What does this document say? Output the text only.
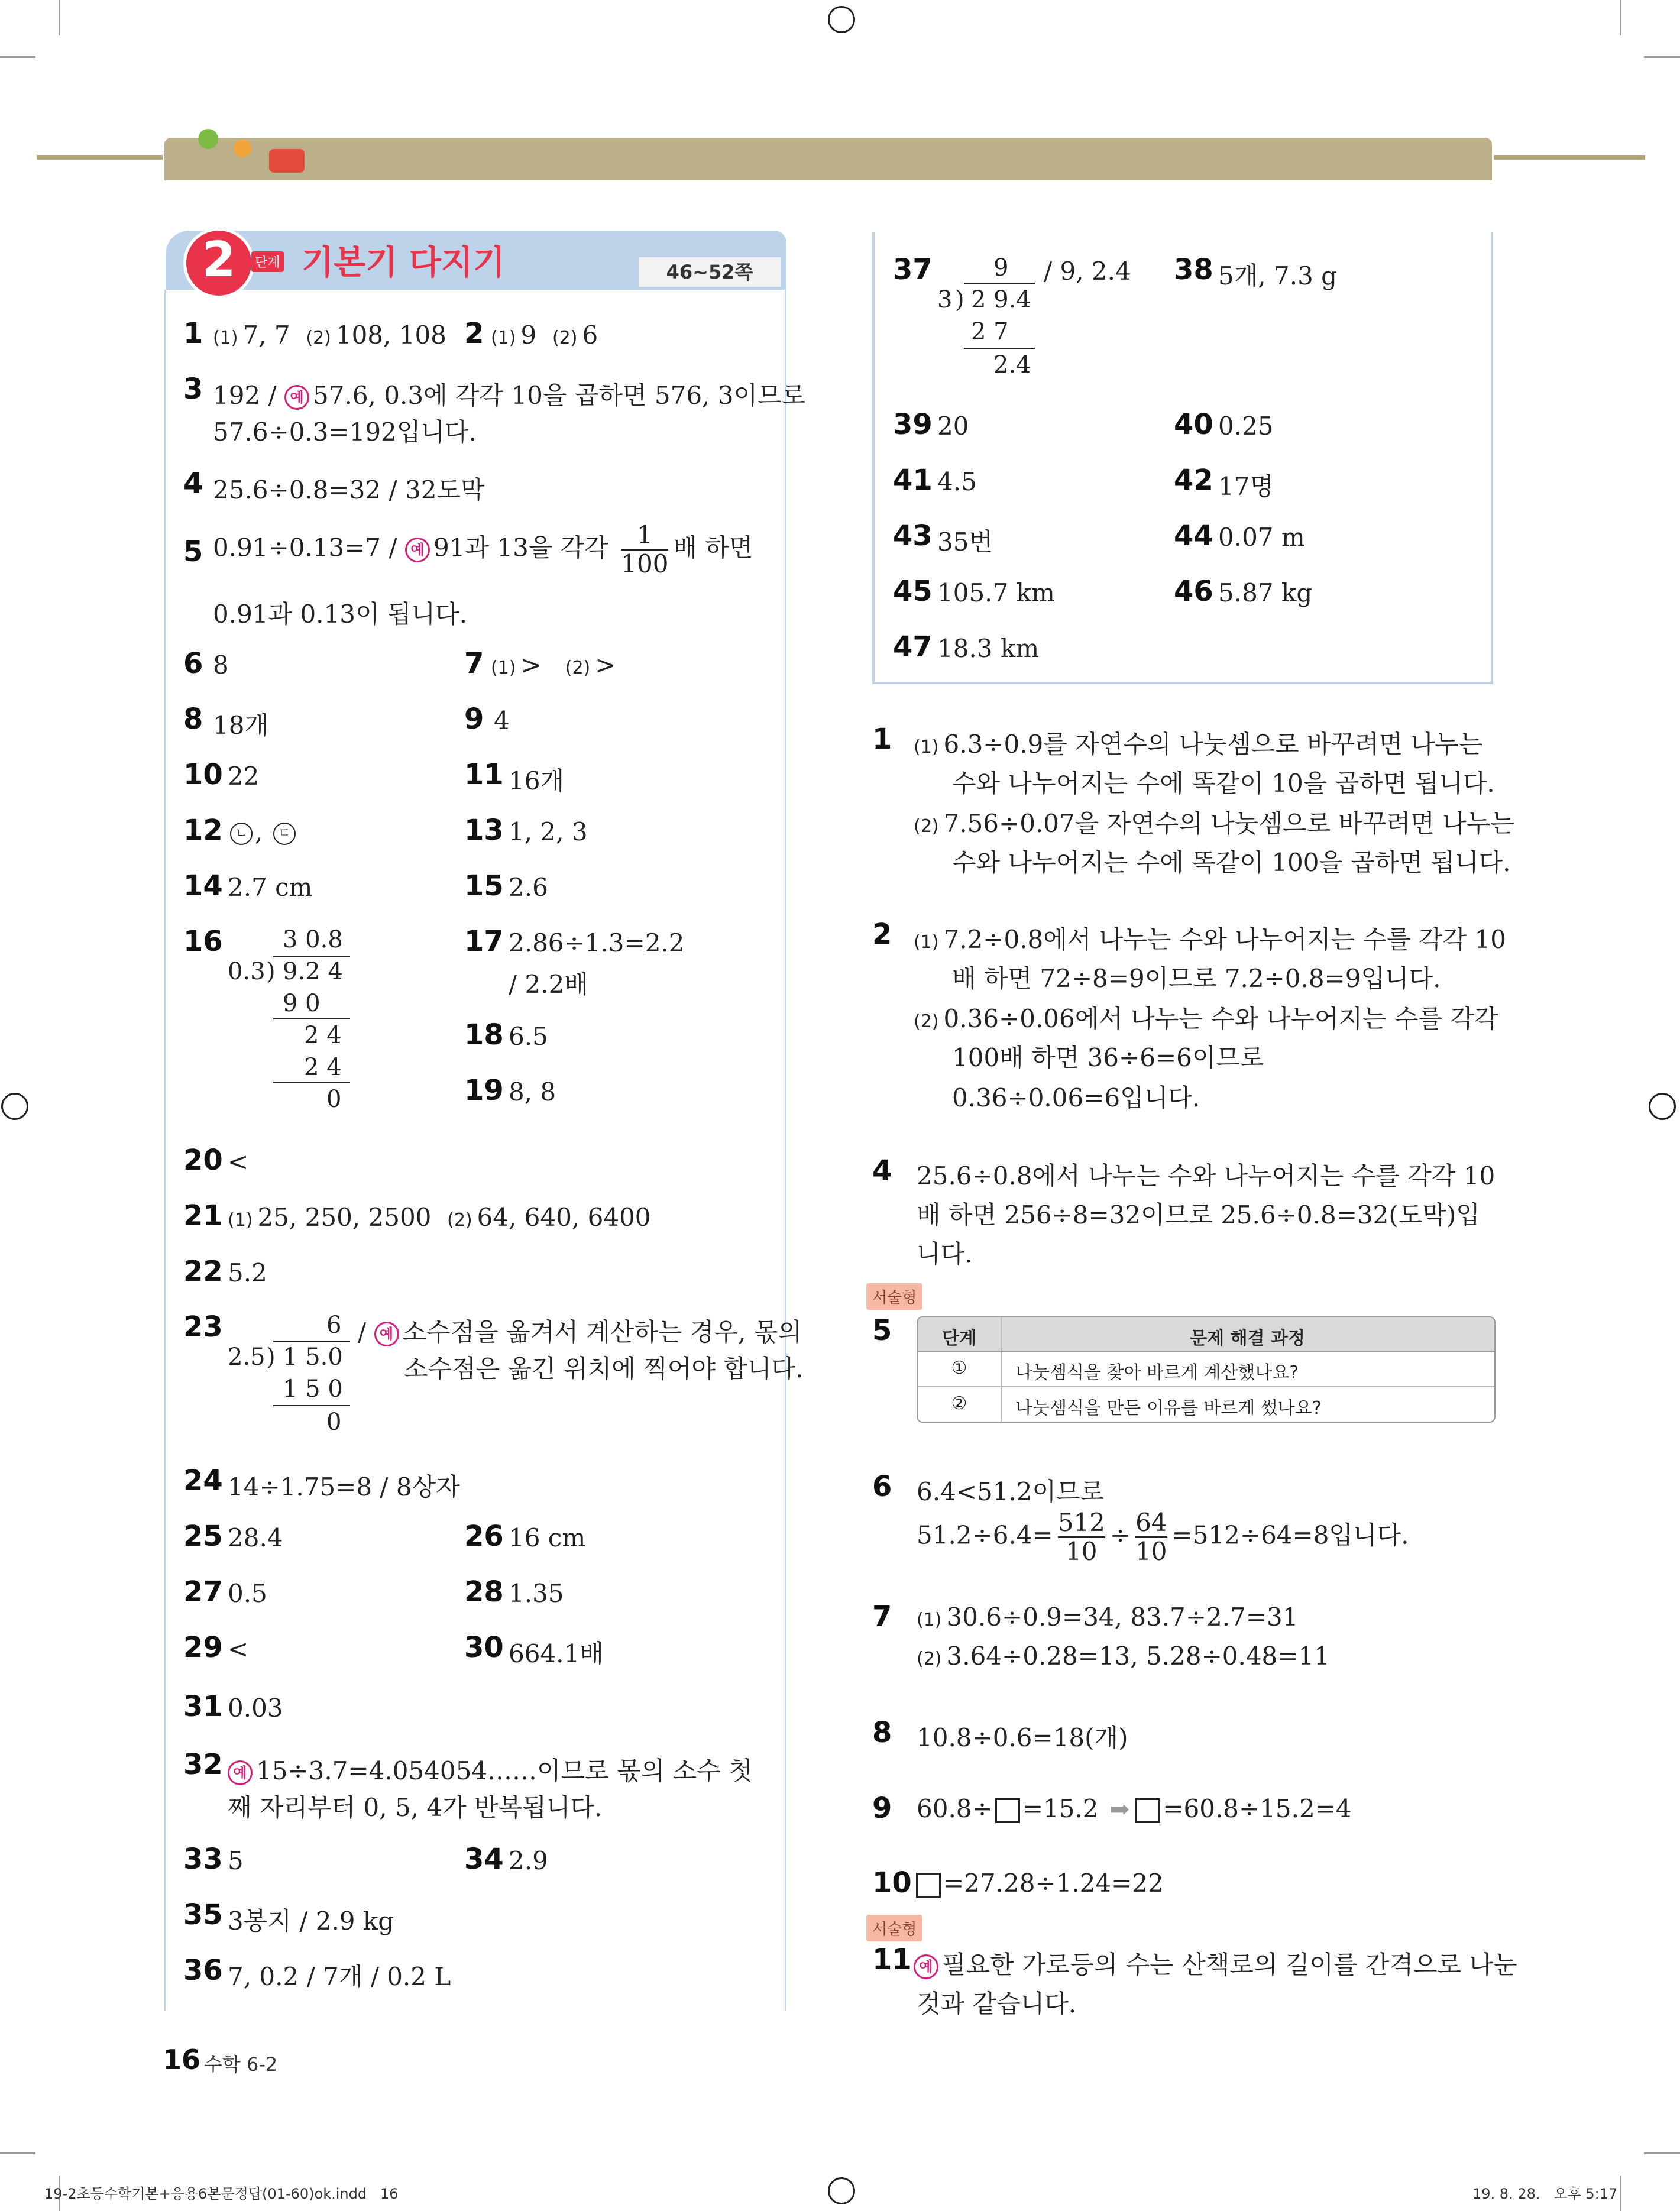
2	단계 기본기 다지기	46~52쪽
1 (1) 7, 7 (2) 108, 108 2 (1) 9 (2) 6
3 192 / 예 57.6, 0.3에 각각 10을 곱하면 576, 3이므로
57.6÷0.3=192입니다.
4 25.6÷0.8=32 / 32도막
5 0.91÷0.13=7 / 예 91과 13을 각각 $\frac{1}{100}$ 배 하면
0.91과 0.13이 됩니다.
6 8	7 (1) > (2) >
8 18개	9 4
10 22	11 16개
12 ㄴ , ㄷ	13 1, 2, 3
14 2.7 cm	15 2.6
16	3 0.8
0.3 ) 9.2 4
9 0
2 4
2 4
0
17 2.86÷1.3=2.2
/ 2.2배
18 6.5
19 8, 8
20 <
21 (1) 25, 250, 2500 (2) 64, 640, 6400
22 5.2
23	6
2.5 ) 1 5.0
1 5 0
0
/ 예 소수점을 옮겨서 계산하는 경우, 몫의
소수점은 옮긴 위치에 찍어야 합니다.
24 14÷1.75=8 / 8상자
25 28.4	26 16 cm
27 0.5	28 1.35
29 <	30 664.1배
31 0.03
32 예 15÷3.7=4.054054……이므로 몫의 소수 첫
째 자리부터 0, 5, 4가 반복됩니다.
33 5	34 2.9
35 3봉지 / 2.9 kg
36 7, 0.2 / 7개 / 0.2 L
37	9
3 ) 2 9.4
2 7
2.4
/ 9, 2.4 38 5개, 7.3 g
39 20	40 0.25
41 4.5	42 17명
43 35번	44 0.07 m
45 105.7 km	46 5.87 kg
47 18.3 km
1 (1) 6.3÷0.9를 자연수의 나눗셈으로 바꾸려면 나누는
수와 나누어지는 수에 똑같이 10을 곱하면 됩니다.
(2) 7.56÷0.07을 자연수의 나눗셈으로 바꾸려면 나누는
수와 나누어지는 수에 똑같이 100을 곱하면 됩니다.
2 (1) 7.2÷0.8에서 나누는 수와 나누어지는 수를 각각 10
배 하면 72÷8=9이므로 7.2÷0.8=9입니다.
(2) 0.36÷0.06에서 나누는 수와 나누어지는 수를 각각
100배 하면 36÷6=6이므로
0.36÷0.06=6입니다.
4 25.6÷0.8에서 나누는 수와 나누어지는 수를 각각 10
배 하면 256÷8=32이므로 25.6÷0.8=32(도막)입
니다.
서술형
5	단계	문제 해결 과정
①	나눗셈식을 찾아 바르게 계산했나요?
②	나눗셈식을 만든 이유를 바르게 썼나요?
6 6.4<51.2이므로
$51.2\div 6.4= \frac{512}{10} \div \frac{64}{10} =512\div 64=8$입니다.
7 (1) 30.6÷0.9=34, 83.7÷2.7=31
(2) 3.64÷0.28=13, 5.28÷0.48=11
8 10.8÷0.6=18(개)
9 60.8÷ =15.2 ➡ =60.8÷15.2=4
10	=27.28÷1.24=22
서술형
11 예 필요한 가로등의 수는 산책로의 길이를 간격으로 나눈
것과 같습니다.
16 수학 6-2
19-2초등수학기본+응용6본문정답(01-60)ok.indd   16	19. 8. 28.   오후 5:17
